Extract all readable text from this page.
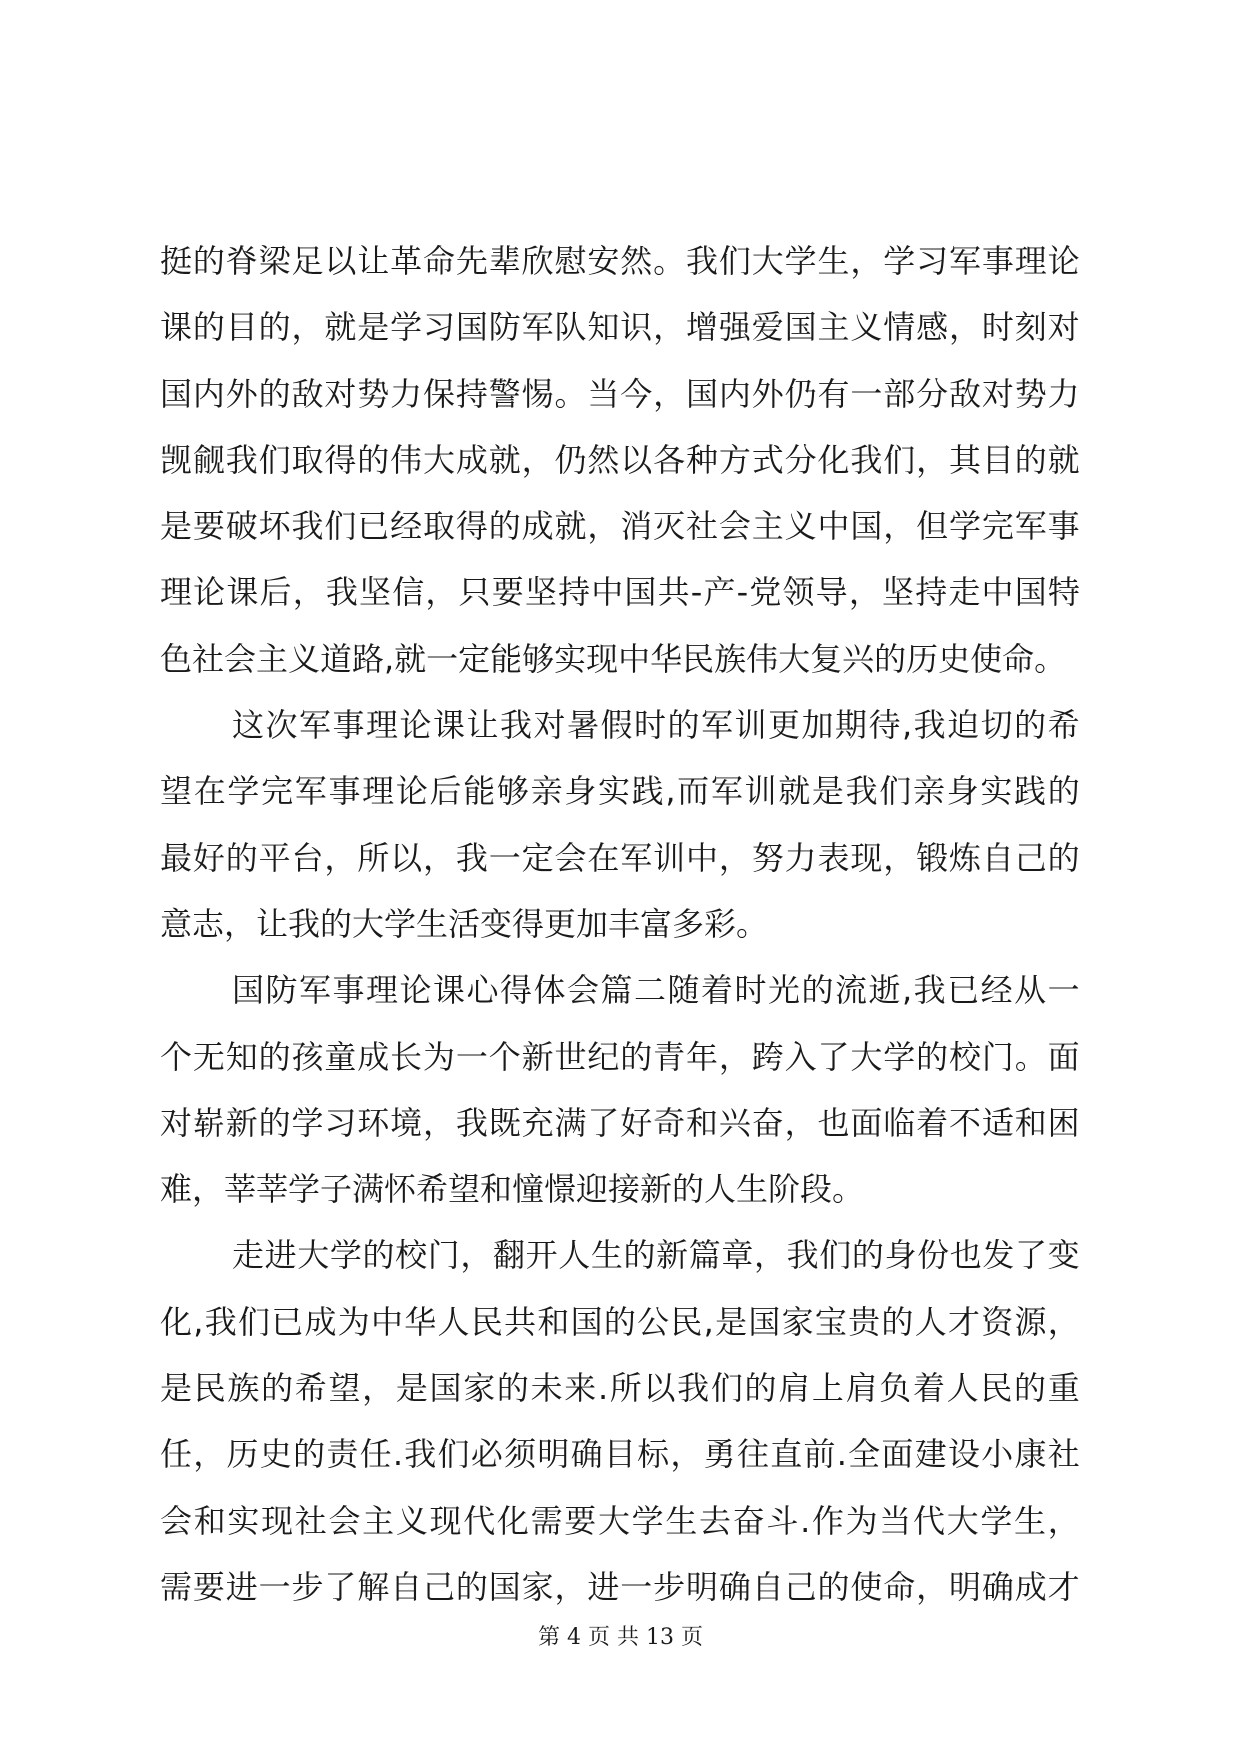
挺 的 脊 梁 足 以 让 革 命 先 辈 欣 慰 安 然 。 我 们 大 学 生 ， 学 习 军 事 理 论
课 的 目 的 ， 就 是 学 习 国 防 军 队 知 识 ， 增 强 爱 国 主 义 情 感 ， 时 刻 对
国 内 外 的 敌 对 势 力 保 持 警 惕 。 当 今 ， 国 内 外 仍 有 一 部 分 敌 对 势 力
觊 觎 我 们 取 得 的 伟 大 成 就 ， 仍 然 以 各 种 方 式 分 化 我 们 ， 其 目 的 就
是 要 破 坏 我 们 已 经 取 得 的 成 就 ， 消 灭 社 会 主 义 中 国 ， 但 学 完 军 事
理 论 课 后 ， 我 坚 信 ， 只 要 坚 持 中 国 共 - 产 - 党 领 导 ， 坚 持 走 中 国 特
色社会主义道路,就一定能够实现中华民族伟大复兴的历史使命。
这 次 军 事 理 论 课 让 我 对 暑 假 时 的 军 训 更 加 期 待 , 我 迫 切 的 希
望 在 学 完 军 事 理 论 后 能 够 亲 身 实 践 , 而 军 训 就 是 我 们 亲 身 实 践 的
最 好 的 平 台 ， 所 以 ， 我 一 定 会 在 军 训 中 ， 努 力 表 现 ， 锻 炼 自 己 的
意志，让我的大学生活变得更加丰富多彩。
国 防 军 事 理 论 课 心 得 体 会 篇 二 随 着 时 光 的 流 逝 , 我 已 经 从 一
个 无 知 的 孩 童 成 长 为 一 个 新 世 纪 的 青 年 ， 跨 入 了 大 学 的 校 门 。 面
对 崭 新 的 学 习 环 境 ， 我 既 充 满 了 好 奇 和 兴 奋 ， 也 面 临 着 不 适 和 困
难，莘莘学子满怀希望和憧憬迎接新的人生阶段。
走 进 大 学 的 校 门 ， 翻 开 人 生 的 新 篇 章 ， 我 们 的 身 份 也 发 了 变
化 , 我 们 已 成 为 中 华 人 民 共 和 国 的 公 民 , 是 国 家 宝 贵 的 人 才 资 源 ，
是 民 族 的 希 望 ， 是 国 家 的 未 来 . 所 以 我 们 的 肩 上 肩 负 着 人 民 的 重
任 ， 历 史 的 责 任 . 我 们 必 须 明 确 目 标 ， 勇 往 直 前 . 全 面 建 设 小 康 社
会 和 实 现 社 会 主 义 现 代 化 需 要 大 学 生 去 奋 斗 . 作 为 当 代 大 学 生 ，
需 要 进 一 步 了 解 自 己 的 国 家 ， 进 一 步 明 确 自 己 的 使 命 ， 明 确 成 才
第 4 页 共 13 页
